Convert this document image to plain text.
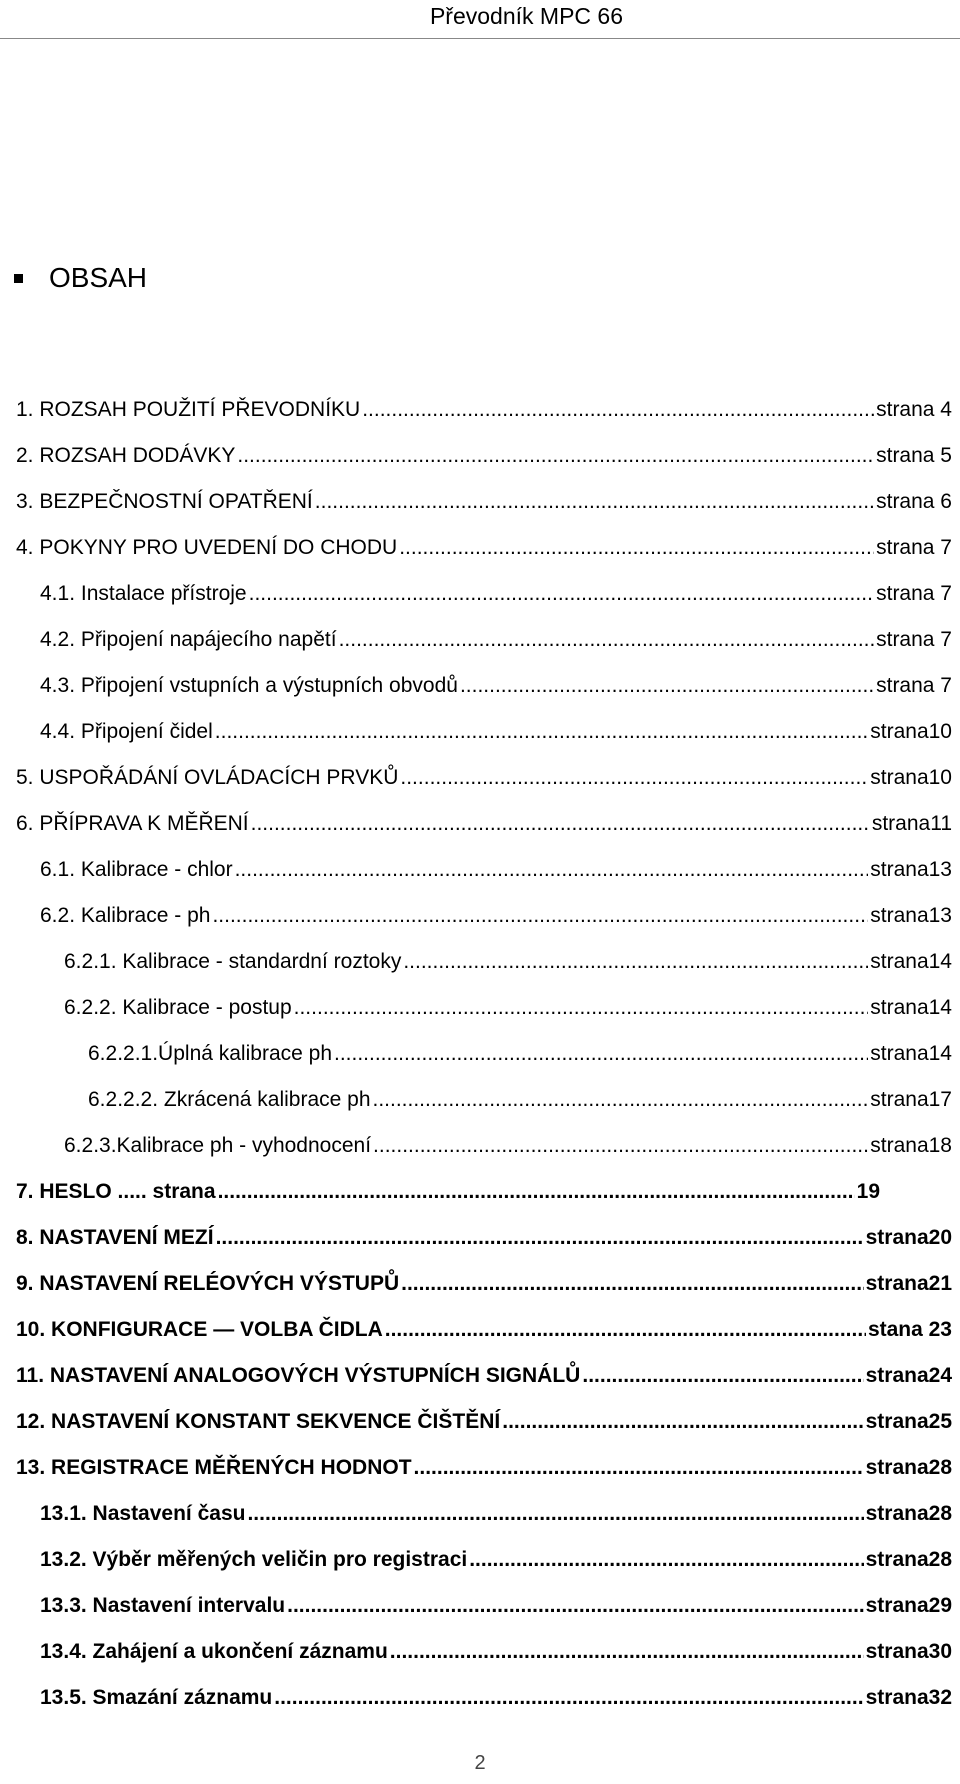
Převodník MPC 66
OBSAH
1. ROZSAH POUŽITÍ PŘEVODNÍKU .....	strana 4
2. ROZSAH DODÁVKY .....	strana 5
3. BEZPEČNOSTNÍ OPATŘENÍ .....	strana 6
4. POKYNY PRO UVEDENÍ DO CHODU .....	strana 7
4.1. Instalace přístroje .....	strana 7
4.2. Připojení napájecího napětí .....	strana 7
4.3. Připojení vstupních a výstupních obvodů .....	strana 7
4.4. Připojení čidel .....	strana10
5. USPOŘÁDÁNÍ OVLÁDACÍCH PRVKŮ .....	strana10
6. PŘÍPRAVA K MĚŘENÍ .....	strana11
6.1. Kalibrace - chlor .....	strana13
6.2. Kalibrace - ph .....	strana13
6.2.1. Kalibrace - standardní roztoky .....	strana14
6.2.2. Kalibrace - postup .....	strana14
6.2.2.1.Úplná kalibrace ph .....	strana14
6.2.2.2. Zkrácená kalibrace ph .....	strana17
6.2.3.Kalibrace ph - vyhodnocení .....	strana18
7. HESLO ..... strana .....	19
8. NASTAVENÍ MEZÍ .....	strana20
9. NASTAVENÍ RELÉOVÝCH VÝSTUPŮ .....	strana21
10. KONFIGURACE — VOLBA ČIDLA .....	stana 23
11. NASTAVENÍ ANALOGOVÝCH VÝSTUPNÍCH SIGNÁLŮ .....	strana24
12. NASTAVENÍ KONSTANT SEKVENCE ČIŠTĚNÍ .....	strana25
13. REGISTRACE MĚŘENÝCH HODNOT .....	strana28
13.1. Nastavení času .....	strana28
13.2. Výběr měřených veličin pro registraci .....	strana28
13.3. Nastavení intervalu .....	strana29
13.4. Zahájení a ukončení záznamu .....	strana30
13.5. Smazání záznamu .....	strana32
2
